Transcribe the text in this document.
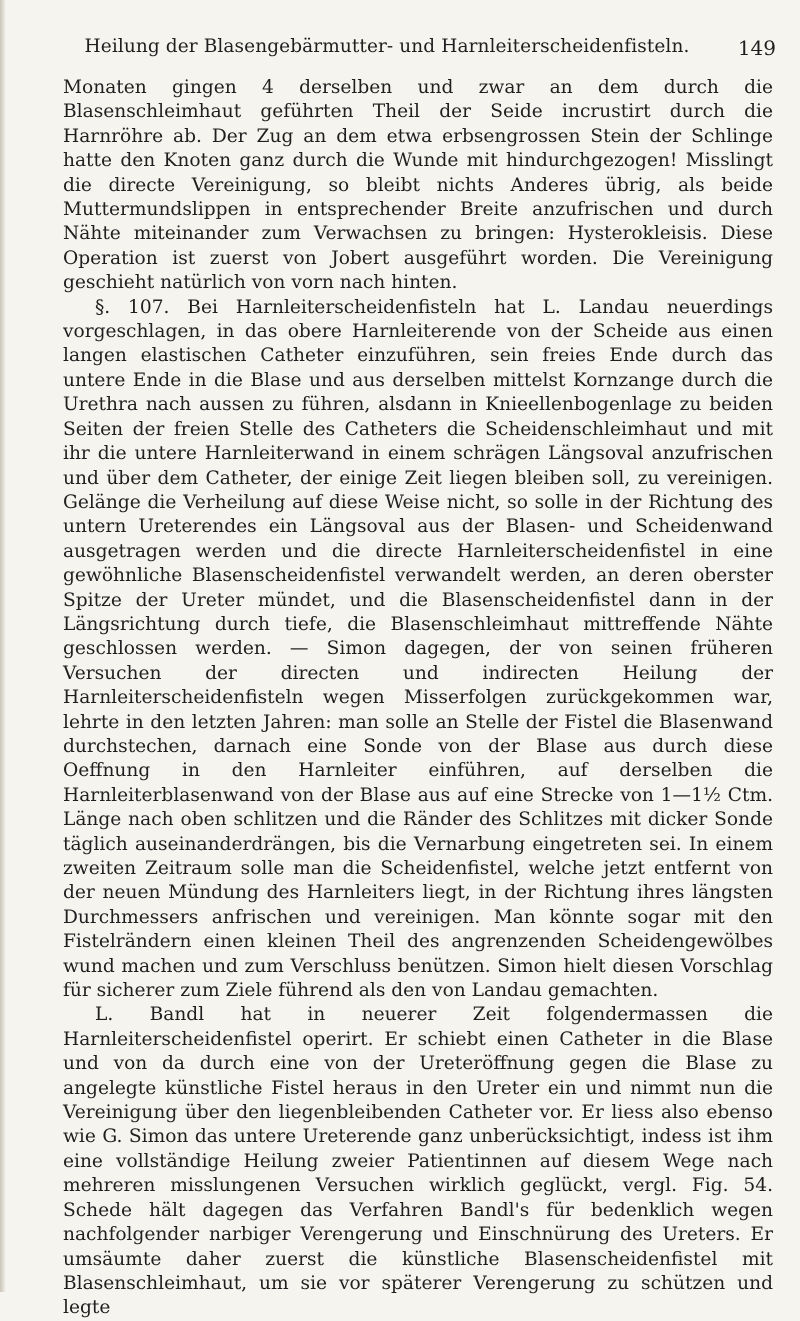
Heilung der Blasengebärmutter- und Harnleiterscheidenfisteln.	149

Monaten gingen 4 derselben und zwar an dem durch die Blasenschleimhaut geführten Theil der Seide incrustirt durch die Harnröhre ab. Der Zug an dem etwa erbsengrossen Stein der Schlinge hatte den Knoten ganz durch die Wunde mit hindurchgezogen! Misslingt die directe Vereinigung, so bleibt nichts Anderes übrig, als beide Muttermundslippen in entsprechender Breite anzufrischen und durch Nähte miteinander zum Verwachsen zu bringen: Hysterokleisis. Diese Operation ist zuerst von Jobert ausgeführt worden. Die Vereinigung geschieht natürlich von vorn nach hinten.

§. 107. Bei Harnleiterscheidenfisteln hat L. Landau neuerdings vorgeschlagen, in das obere Harnleiterende von der Scheide aus einen langen elastischen Catheter einzuführen, sein freies Ende durch das untere Ende in die Blase und aus derselben mittelst Kornzange durch die Urethra nach aussen zu führen, alsdann in Knieellenbogenlage zu beiden Seiten der freien Stelle des Catheters die Scheidenschleimhaut und mit ihr die untere Harnleiterwand in einem schrägen Längsoval anzufrischen und über dem Catheter, der einige Zeit liegen bleiben soll, zu vereinigen. Gelänge die Verheilung auf diese Weise nicht, so solle in der Richtung des untern Ureterendes ein Längsoval aus der Blasen- und Scheidenwand ausgetragen werden und die directe Harnleiterscheidenfistel in eine gewöhnliche Blasenscheidenfistel verwandelt werden, an deren oberster Spitze der Ureter mündet, und die Blasenscheidenfistel dann in der Längsrichtung durch tiefe, die Blasenschleimhaut mittreffende Nähte geschlossen werden. — Simon dagegen, der von seinen früheren Versuchen der directen und indirecten Heilung der Harnleiterscheidenfisteln wegen Misserfolgen zurückgekommen war, lehrte in den letzten Jahren: man solle an Stelle der Fistel die Blasenwand durchstechen, darnach eine Sonde von der Blase aus durch diese Oeffnung in den Harnleiter einführen, auf derselben die Harnleiterblasenwand von der Blase aus auf eine Strecke von 1—1½ Ctm. Länge nach oben schlitzen und die Ränder des Schlitzes mit dicker Sonde täglich auseinanderdrängen, bis die Vernarbung eingetreten sei. In einem zweiten Zeitraum solle man die Scheidenfistel, welche jetzt entfernt von der neuen Mündung des Harnleiters liegt, in der Richtung ihres längsten Durchmessers anfrischen und vereinigen. Man könnte sogar mit den Fistelrändern einen kleinen Theil des angrenzenden Scheidengewölbes wund machen und zum Verschluss benützen. Simon hielt diesen Vorschlag für sicherer zum Ziele führend als den von Landau gemachten.

L. Bandl hat in neuerer Zeit folgendermassen die Harnleiterscheidenfistel operirt. Er schiebt einen Catheter in die Blase und von da durch eine von der Ureteröffnung gegen die Blase zu angelegte künstliche Fistel heraus in den Ureter ein und nimmt nun die Vereinigung über den liegenbleibenden Catheter vor. Er liess also ebenso wie G. Simon das untere Ureterende ganz unberücksichtigt, indess ist ihm eine vollständige Heilung zweier Patientinnen auf diesem Wege nach mehreren misslungenen Versuchen wirklich geglückt, vergl. Fig. 54. Schede hält dagegen das Verfahren Bandl's für bedenklich wegen nachfolgender narbiger Verengerung und Einschnürung des Ureters. Er umsäumte daher zuerst die künstliche Blasenscheidenfistel mit Blasenschleimhaut, um sie vor späterer Verengerung zu schützen und legte
